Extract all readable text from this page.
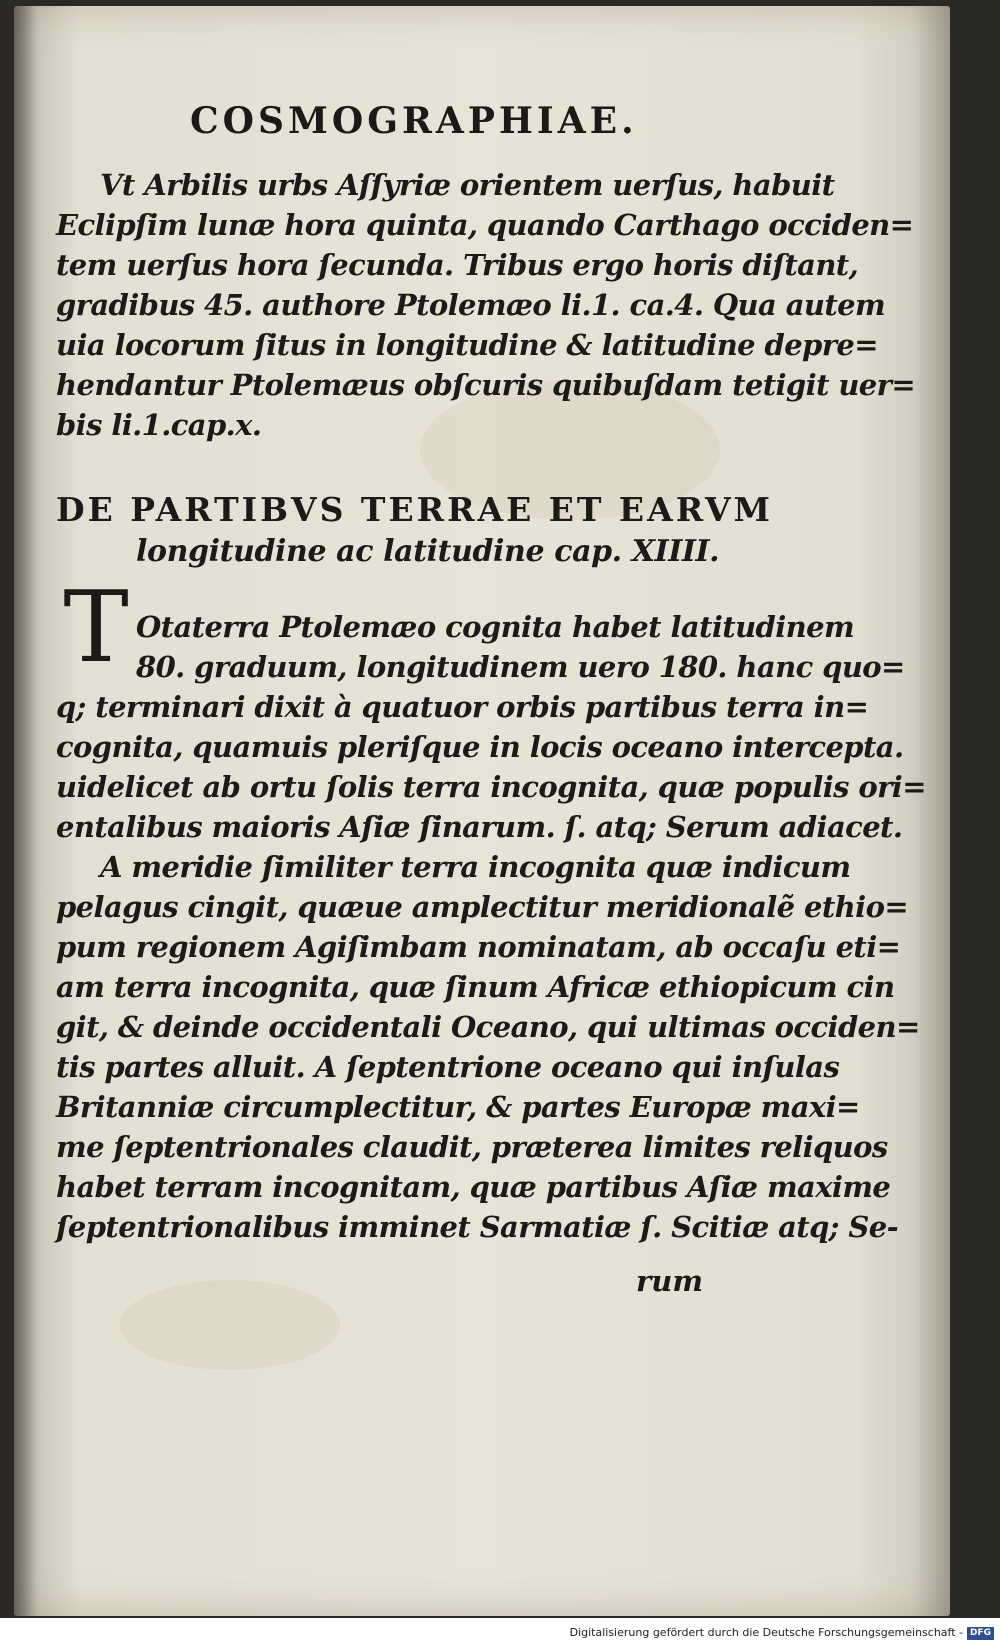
COSMOGRAPHIAE.
Vt Arbilis urbs Aſſyriæ orientem uerſus, habuit
Eclipſim lunæ hora quinta, quando Carthago occiden=
tem uerſus hora ſecunda. Tribus ergo horis diſtant,
gradibus 45. authore Ptolemæo li.1. ca.4. Qua autem
uia locorum ſitus in longitudine & latitudine depre=
hendantur Ptolemæus obſcuris quibuſdam tetigit uer=
bis li.1.cap.x.
DE PARTIBVS TERRAE ET EARVM
longitudine ac latitudine cap. XIIII.
T Otaterra Ptolemæo cognita habet latitudinem
80. graduum, longitudinem uero 180. hanc quo=
q; terminari dixit à quatuor orbis partibus terra in=
cognita, quamuis pleriſque in locis oceano intercepta.
uidelicet ab ortu ſolis terra incognita, quæ populis ori=
entalibus maioris Aſiæ ſinarum. ſ. atq; Serum adiacet.
A meridie ſimiliter terra incognita quæ indicum
pelagus cingit, quæue amplectitur meridionalẽ ethio=
pum regionem Agiſimbam nominatam, ab occaſu eti=
am terra incognita, quæ ſinum Africæ ethiopicum cin
git, & deinde occidentali Oceano, qui ultimas occiden=
tis partes alluit. A ſeptentrione oceano qui inſulas
Britanniæ circumplectitur, & partes Europæ maxi=
me ſeptentrionales claudit, præterea limites reliquos
habet terram incognitam, quæ partibus Aſiæ maxime
ſeptentrionalibus imminet Sarmatiæ ſ. Scitiæ atq; Se-
rum
Digitalisierung gefördert durch die Deutsche Forschungsgemeinschaft - DFG
